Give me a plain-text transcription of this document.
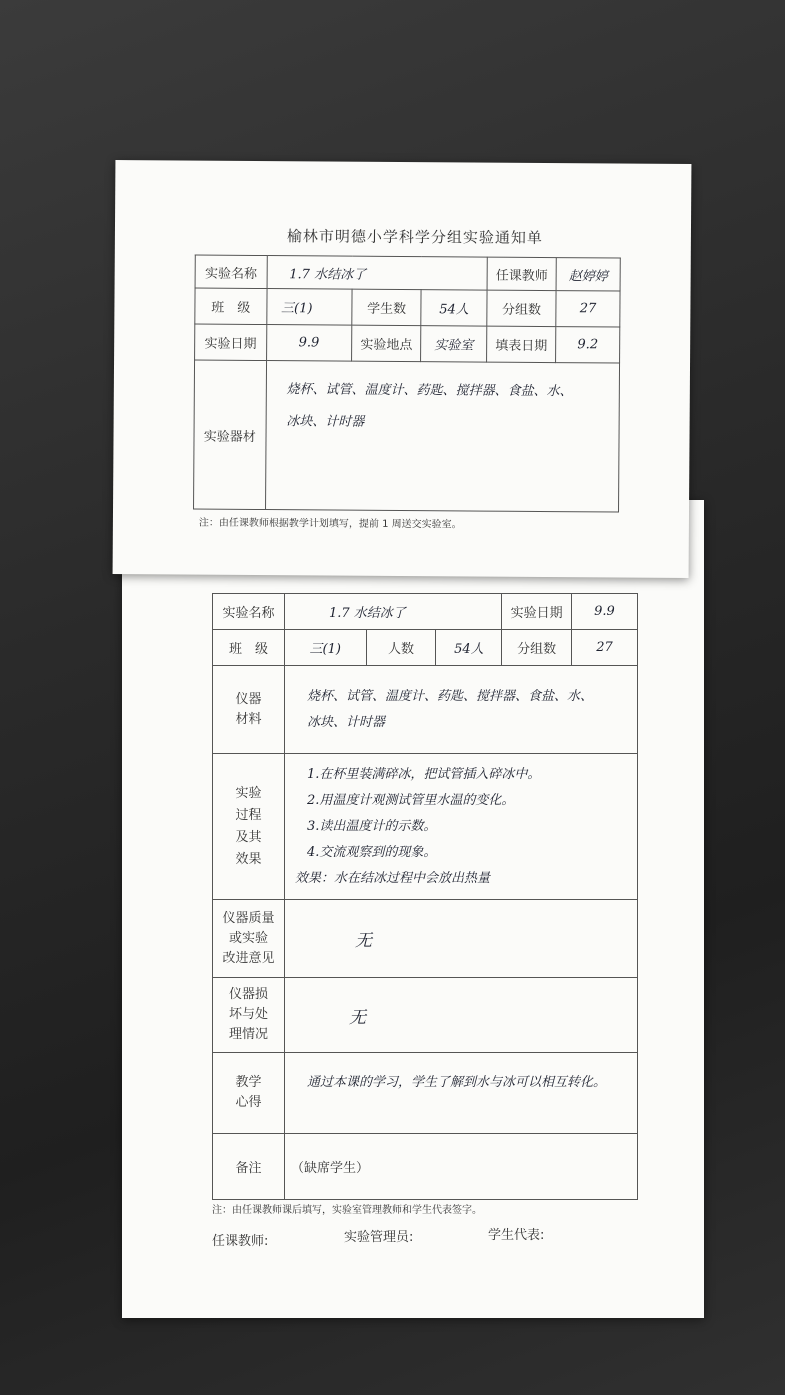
实验名称	1.7 水结冰了			实验日期	9.9
班　级	三(1)	人数	54人	分组数	27
仪器
材料	烧杯、试管、温度计、药匙、搅拌器、食盐、水、
冰块、计时器				

实验
过程
及其
效果	1.在杯里装满碎冰，把试管插入碎冰中。
2.用温度计观测试管里水温的变化。
3.读出温度计的示数。
4.交流观察到的现象。
效果：水在结冰过程中会放出热量				

仪器质量
或实验
改进意见	无				
仪器损
坏与处
理情况	无				
教学
心得	通过本课的学习，学生了解到水与冰可以相互转化。				
备注	（缺席学生）				
注：由任课教师课后填写，实验室管理教师和学生代表签字。
任课教师:	实验管理员:	学生代表:
榆林市明德小学科学分组实验通知单
实验名称	1.7 水结冰了			任课教师	赵婷婷
班　级	三(1)	学生数	54人	分组数	27
实验日期	9.9	实验地点	实验室	填表日期	9.2
实验器材	烧杯、试管、温度计、药匙、搅拌器、食盐、水、
冰块、计时器				
注：由任课教师根据教学计划填写，提前 1 周送交实验室。
